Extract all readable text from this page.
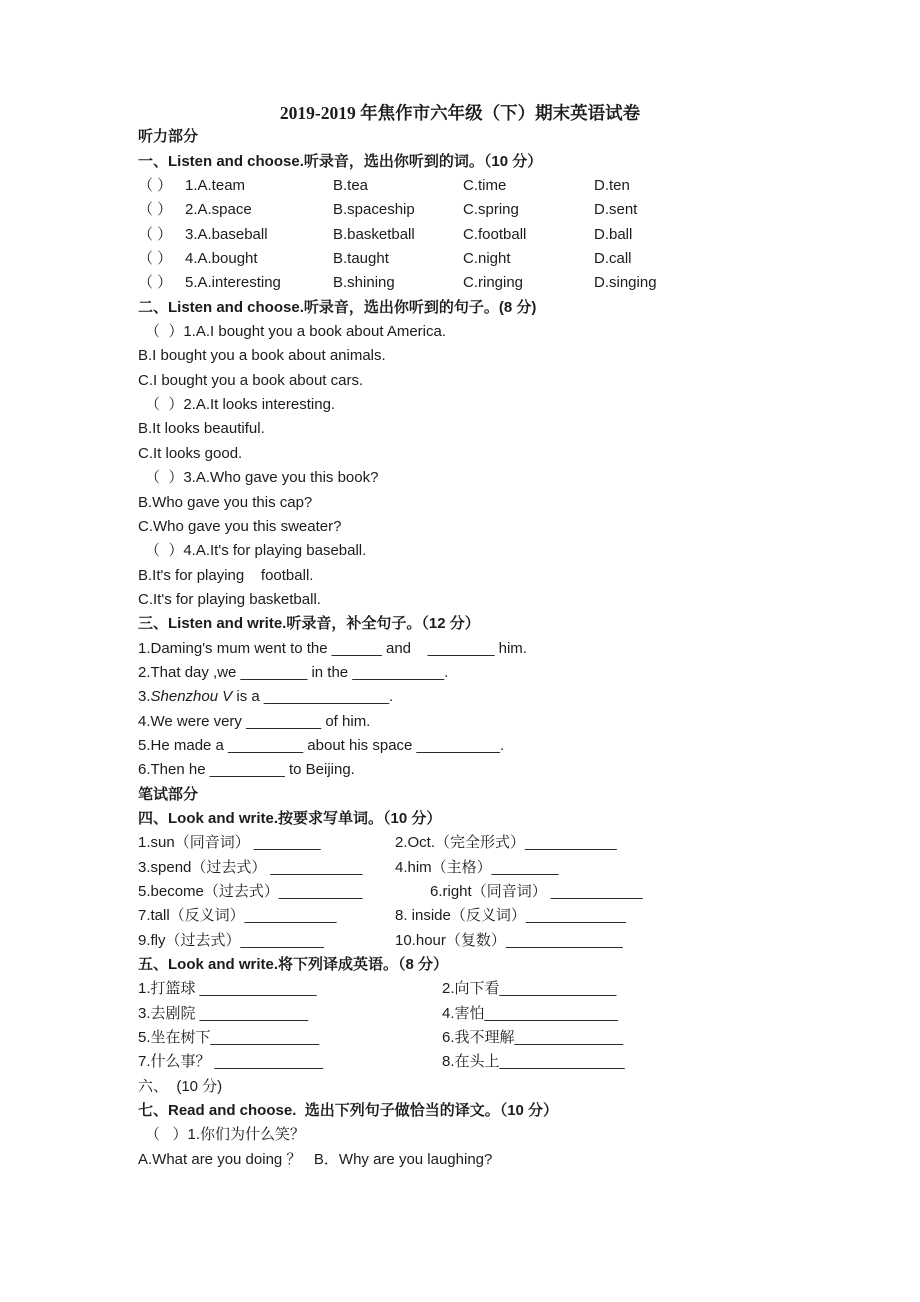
2019-2019 年焦作市六年级（下）期末英语试卷
听力部分
一、Listen and choose.听录音，选出你听到的词。（10 分）
（ ） 1.A.team	B.tea	C.time	D.ten
（ ） 2.A.space	B.spaceship	C.spring	D.sent
（ ） 3.A.baseball	B.basketball	C.football	D.ball
（ ） 4.A.bought	B.taught	C.night	D.call
（ ） 5.A.interesting	B.shining	C.ringing	D.singing
二、Listen and choose.听录音，选出你听到的句子。(8 分)
（  ）1.A.I bought you a book about America.
B.I bought you a book about animals.
C.I bought you a book about cars.
（  ）2.A.It looks interesting.
B.It looks beautiful.
C.It looks good.
（  ）3.A.Who gave you this book?
B.Who gave you this cap?
C.Who gave you this sweater?
（  ）4.A.It's for playing baseball.
B.It's for playing    football.
C.It's for playing basketball.
三、Listen and write.听录音，补全句子。（12 分）
1.Daming's mum went to the ______ and    ________ him.
2.That day ,we ________ in the ___________.
3.Shenzhou V is a _______________.
4.We were very _________ of him.
5.He made a _________ about his space __________.
6.Then he _________ to Beijing.
笔试部分
四、Look and write.按要求写单词。（10 分）
1.sun（同音词） ________	2.Oct.（完全形式）___________
3.spend（过去式） ___________	4.him（主格）________
5.become（过去式）__________	6.right（同音词） ___________
7.tall（反义词）___________	8. inside（反义词）____________
9.fly（过去式）__________	10.hour（复数）______________
五、Look and write.将下列译成英语。（8 分）
1.打篮球 ______________	2.向下看______________
3.去剧院 _____________	4.害怕________________
5.坐在树下_____________	6.我不理解_____________
7.什么事？ _____________	8.在头上_______________
六、  (10 分)
七、Read and choose.  选出下列句子做恰当的译文。（10 分）
（   ）1.你们为什么笑？
A.What are you doing ？   B．Why are you laughing?
